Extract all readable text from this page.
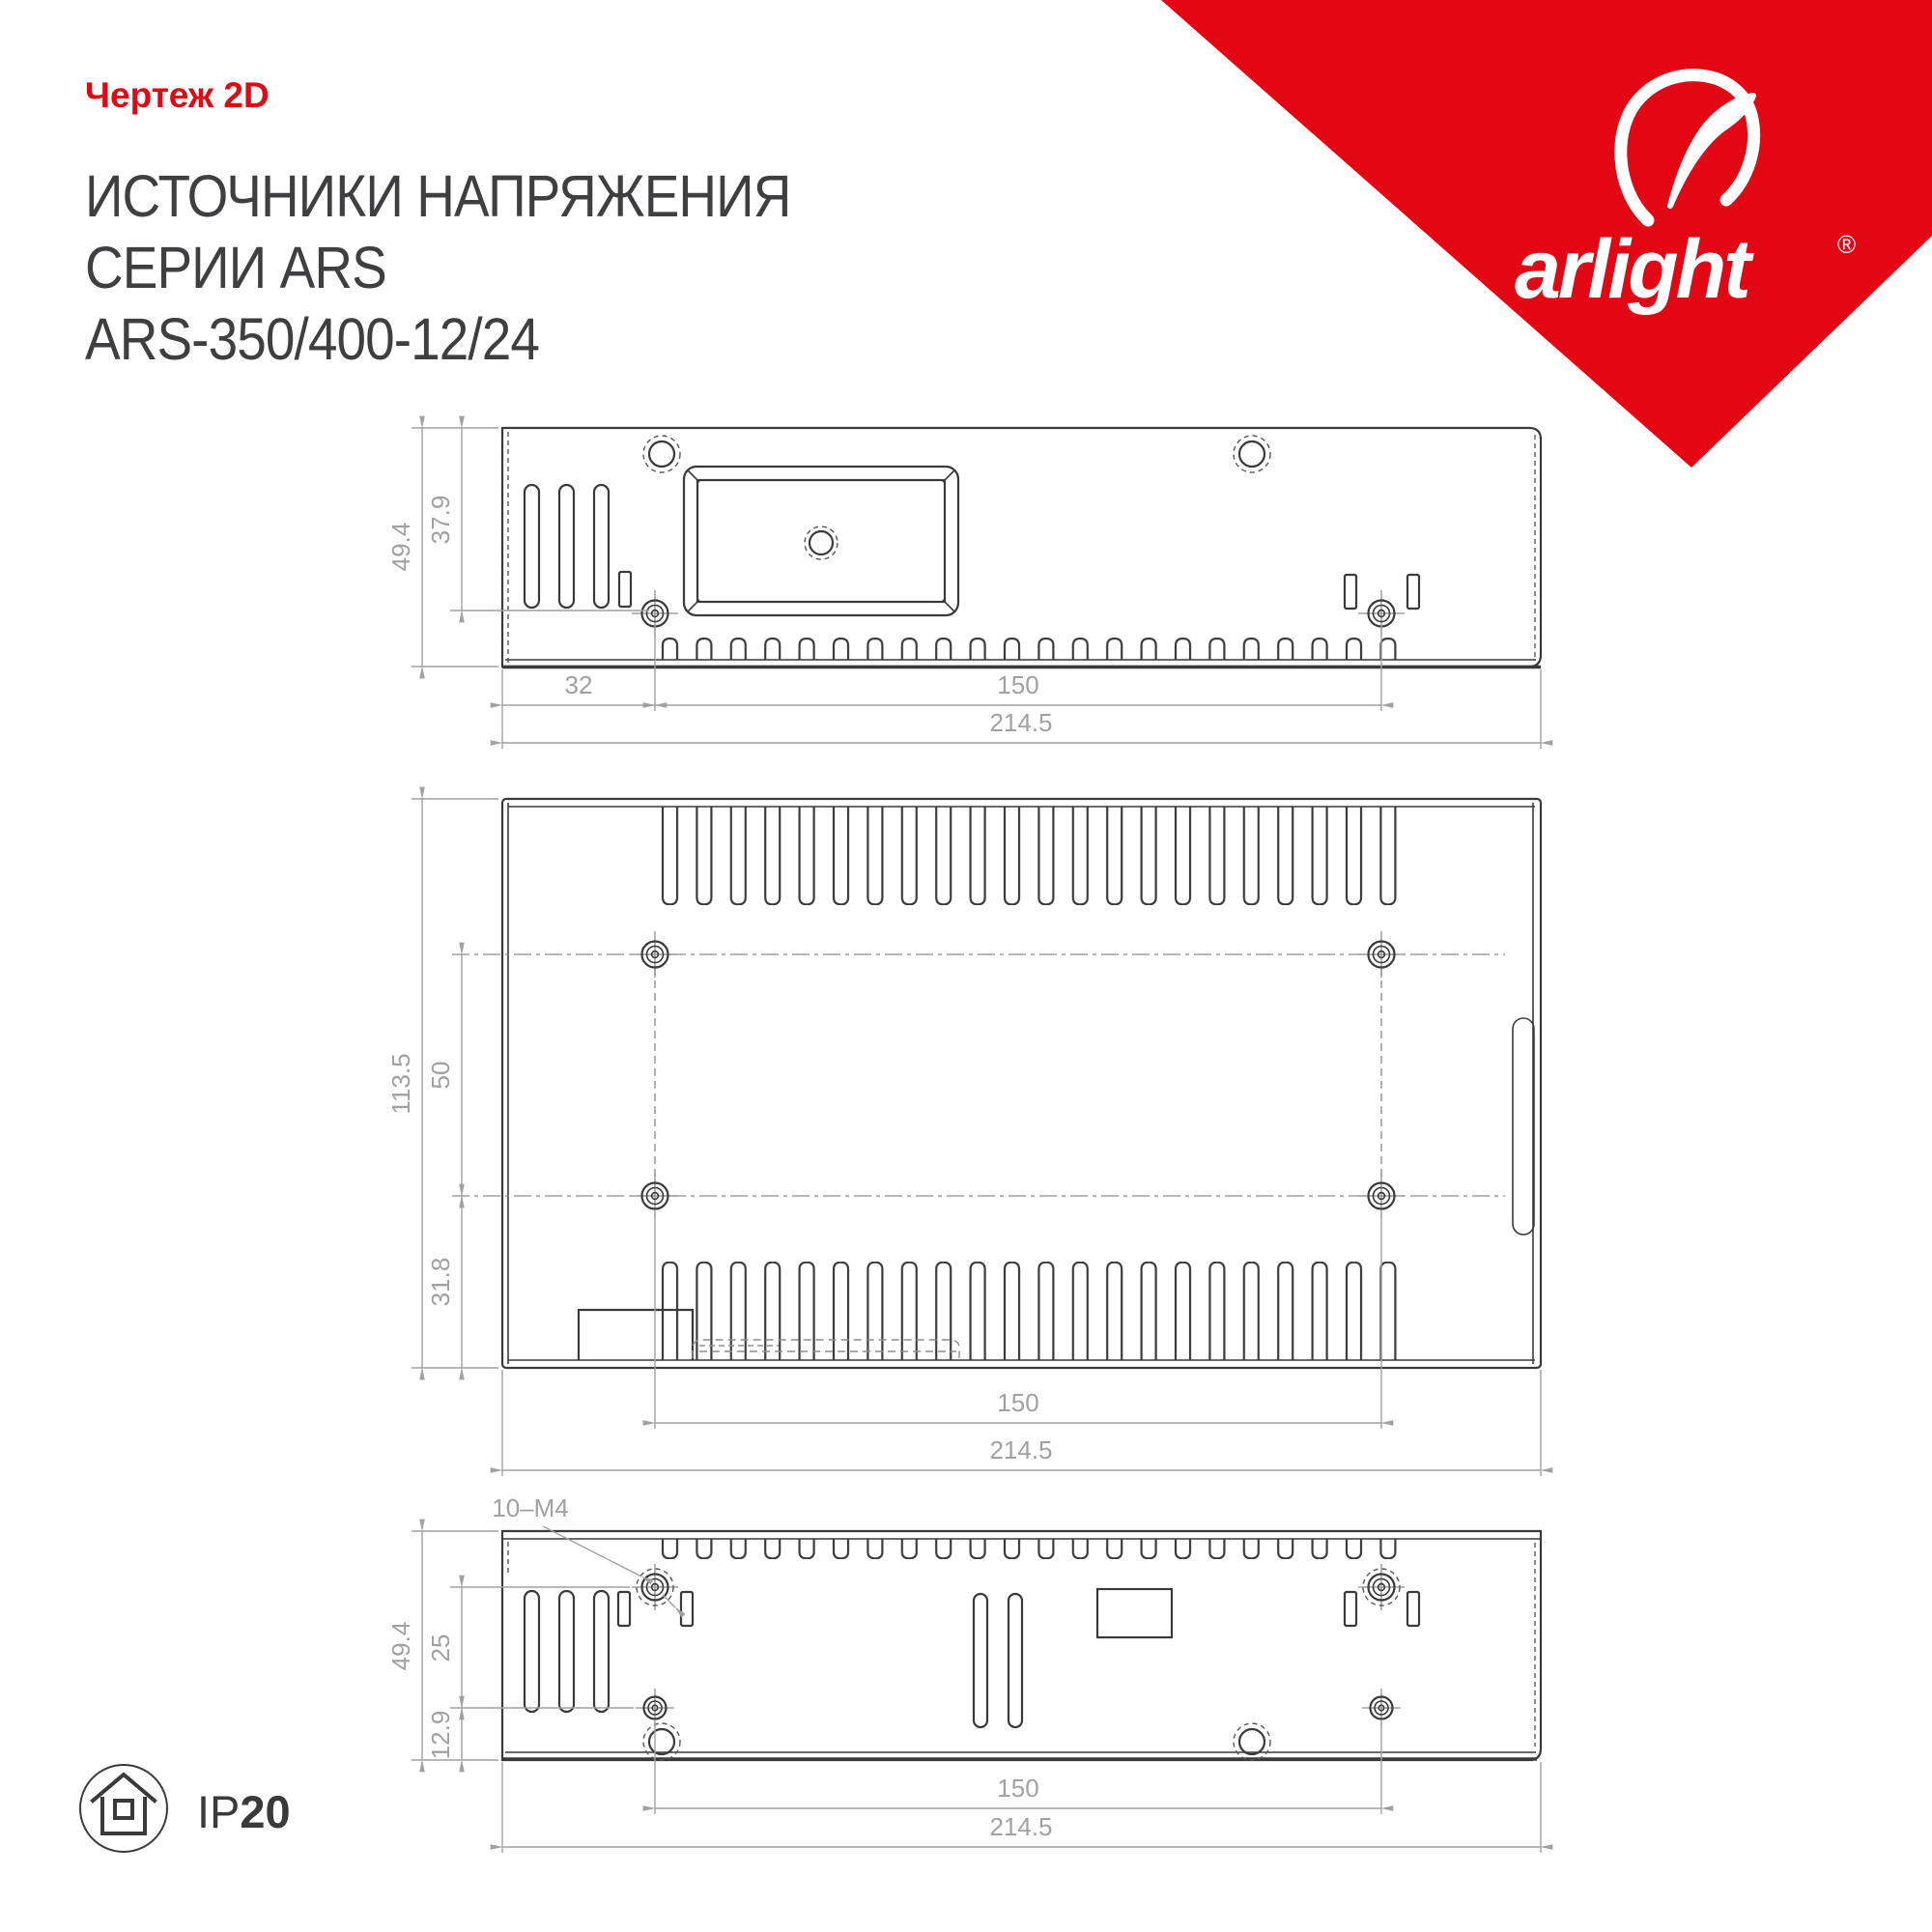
arlight	®
Чертеж 2D
ИСТОЧНИКИ НАПРЯЖЕНИЯ
СЕРИИ ARS
ARS-350/400-12/24
49.4
37.9
32	150
214.5
113.5 50
31.8
150
214.5
10–M4
49.4 25
12.9
150
214.5
IP20
